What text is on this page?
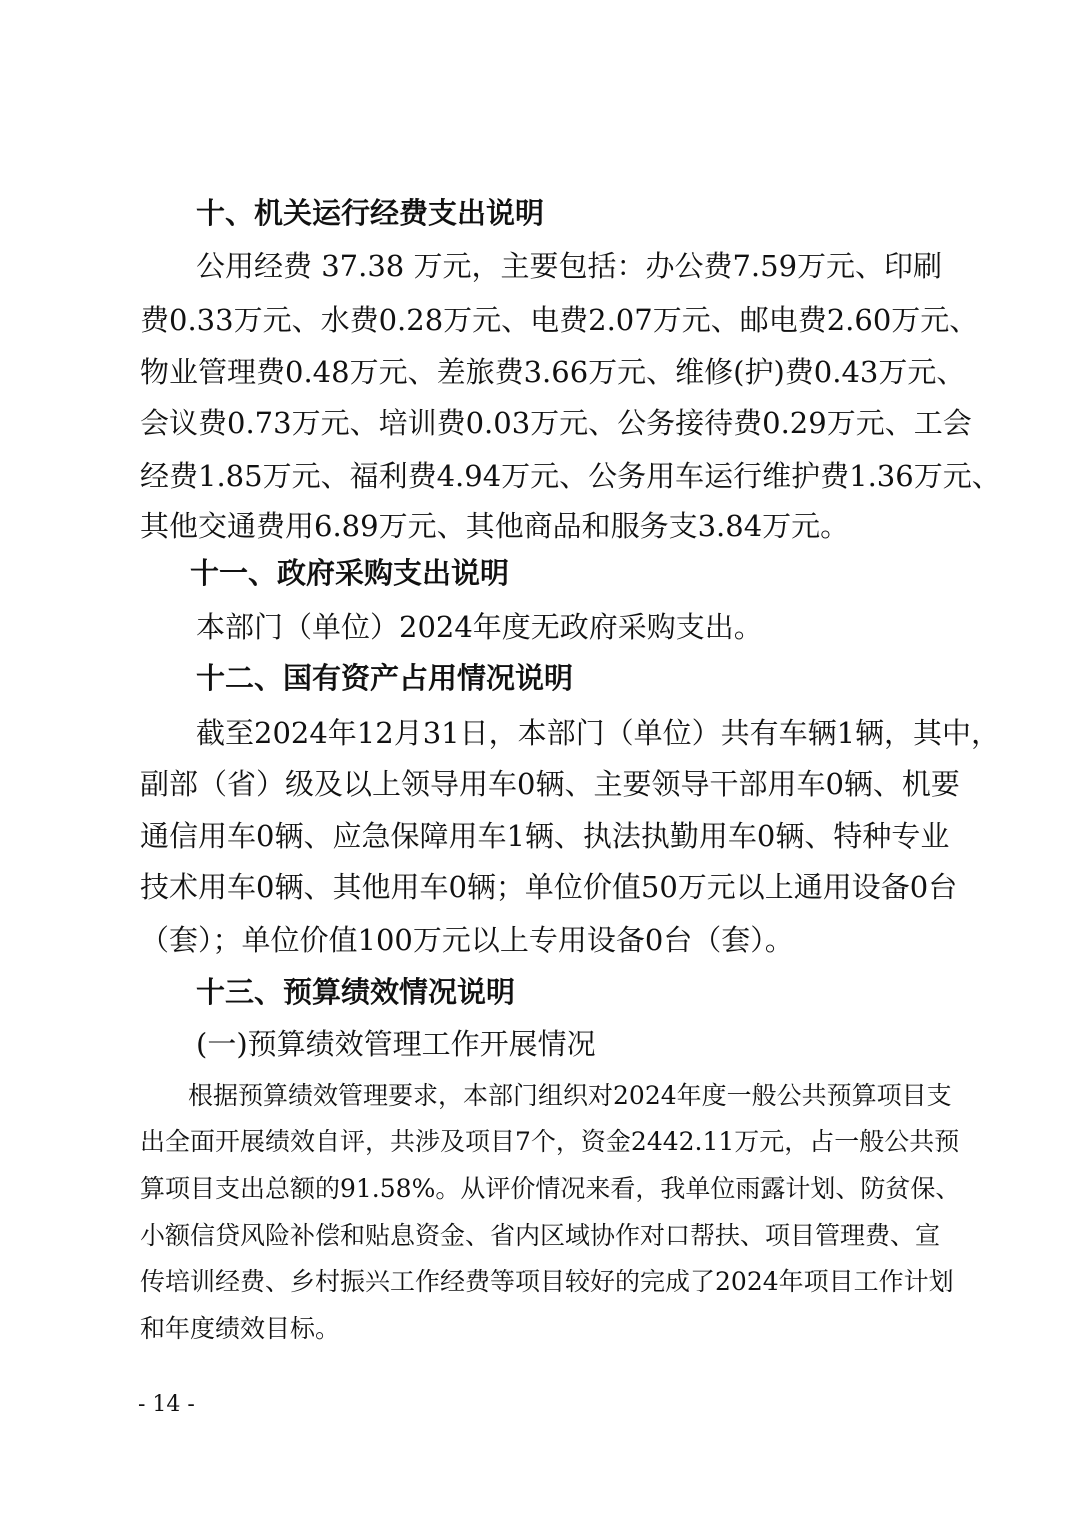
十、机关运行经费支出说明
公用经费 37.38 万元，主要包括：办公费7.59万元、印刷
费0.33万元、水费0.28万元、电费2.07万元、邮电费2.60万元、
物业管理费0.48万元、差旅费3.66万元、维修(护)费0.43万元、
会议费0.73万元、培训费0.03万元、公务接待费0.29万元、工会
经费1.85万元、福利费4.94万元、公务用车运行维护费1.36万元、
其他交通费用6.89万元、其他商品和服务支3.84万元。
十一、政府采购支出说明
本部门（单位）2024年度无政府采购支出。
十二、国有资产占用情况说明
截至2024年12月31日，本部门（单位）共有车辆1辆，其中，
副部（省）级及以上领导用车0辆、主要领导干部用车0辆、机要
通信用车0辆、应急保障用车1辆、执法执勤用车0辆、特种专业
技术用车0辆、其他用车0辆；单位价值50万元以上通用设备0台
（套）；单位价值100万元以上专用设备0台（套）。
十三、预算绩效情况说明
(一)预算绩效管理工作开展情况
根据预算绩效管理要求，本部门组织对2024年度一般公共预算项目支
出全面开展绩效自评，共涉及项目7个，资金2442.11万元，占一般公共预
算项目支出总额的91.58%。从评价情况来看，我单位雨露计划、防贫保、
小额信贷风险补偿和贴息资金、省内区域协作对口帮扶、项目管理费、宣
传培训经费、乡村振兴工作经费等项目较好的完成了2024年项目工作计划
和年度绩效目标。
- 14 -
